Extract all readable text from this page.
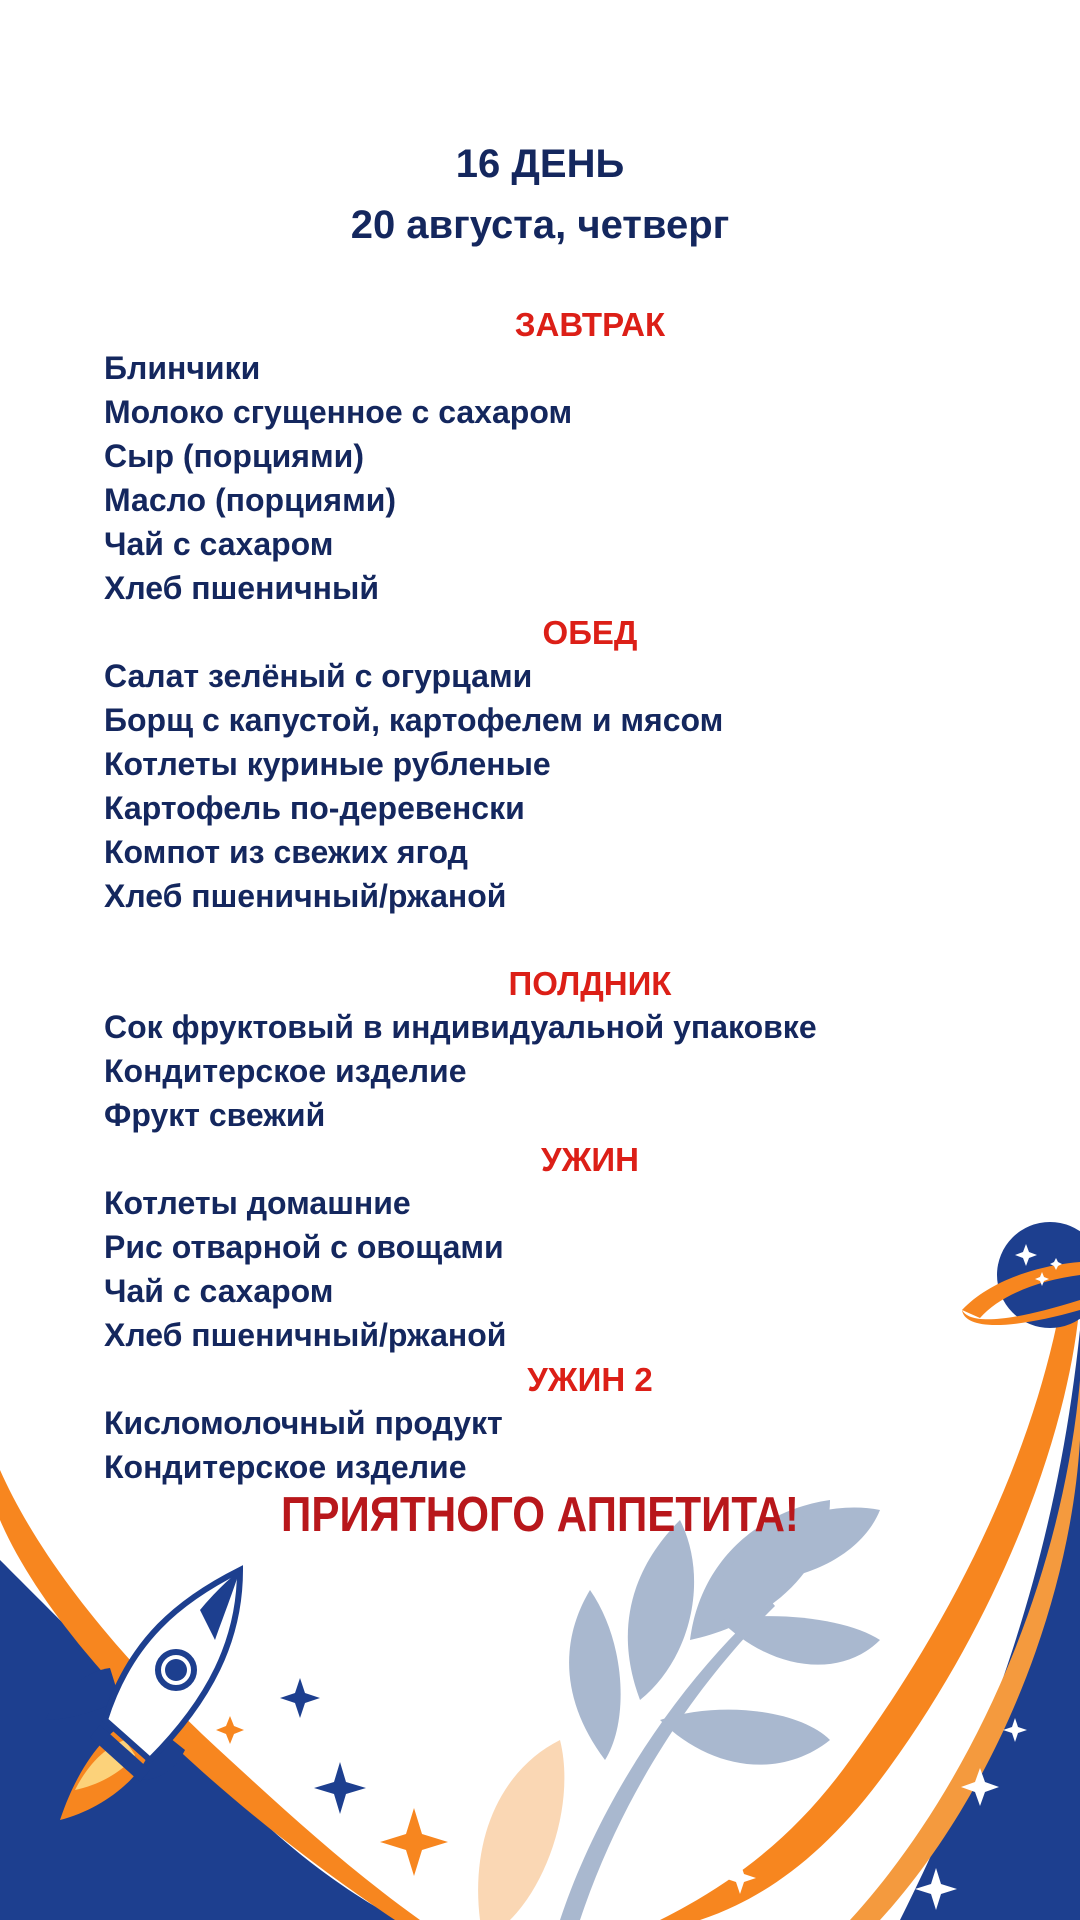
16 ДЕНЬ
20 августа, четверг
ЗАВТРАК
Блинчики
Молоко сгущенное с сахаром
Сыр (порциями)
Масло (порциями)
Чай с сахаром
Хлеб пшеничный
ОБЕД
Салат зелёный с огурцами
Борщ с капустой, картофелем и мясом
Котлеты куриные рубленые
Картофель по-деревенски
Компот из свежих ягод
Хлеб пшеничный/ржаной
ПОЛДНИК
Сок фруктовый в индивидуальной упаковке
Кондитерское изделие
Фрукт свежий
УЖИН
Котлеты домашние
Рис отварной с овощами
Чай с сахаром
Хлеб пшеничный/ржаной
УЖИН 2
Кисломолочный продукт
Кондитерское изделие
ПРИЯТНОГО АППЕТИТА!
